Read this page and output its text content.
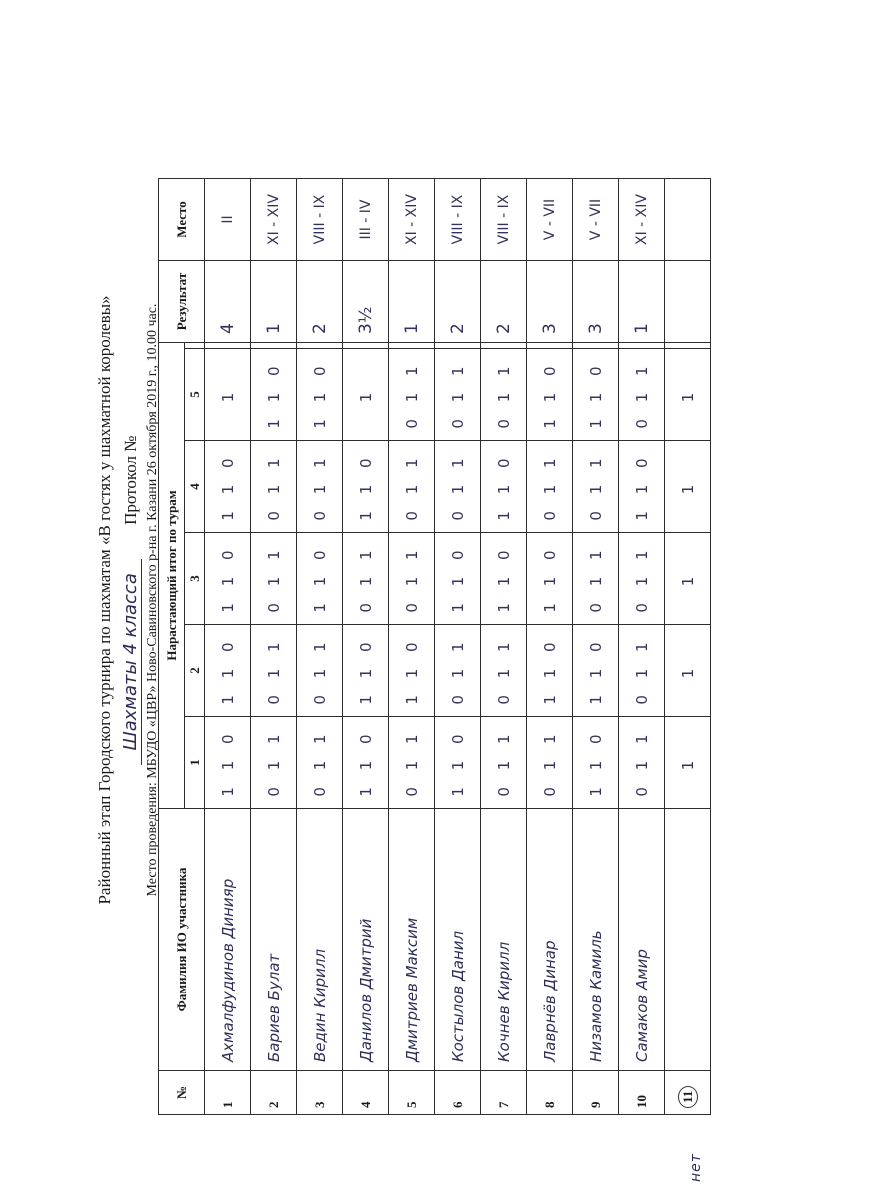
Районный этап Городского турнира по шахматам «В гостях у шахматной королевы» Шахматы 4 класса Протокол № Место проведения: МБУДО «ЦВР» Ново-Савиновского р-на г. Казани 26 октября 2019 г., 10.00 час.
№	Фамилия ИО участника	Нарастающий итог по турам						Результат	Место
		1	2	3	4	5			
1	Ахмалфудинов Динияр	1 1 0	1 1 0	1 1 0	1 1 0	1		4	II
2	Бариев Булат	0 1 1	0 1 1	0 1 1	0 1 1	1 1 0		1	XI - XIV
3	Ведин Кирилл	0 1 1	0 1 1	1 1 0	0 1 1	1 1 0		2	VIII - IX
4	Данилов Дмитрий	1 1 0	1 1 0	0 1 1	1 1 0	1		3½	III - IV
5	Дмитриев Максим	0 1 1	1 1 0	0 1 1	0 1 1	0 1 1		1	XI - XIV
6	Костылов Данил	1 1 0	0 1 1	1 1 0	0 1 1	0 1 1		2	VIII - IX
7	Кочнев Кирилл	0 1 1	0 1 1	1 1 0	1 1 0	0 1 1		2	VIII - IX
8	Лаврнёв Динар	0 1 1	1 1 0	1 1 0	0 1 1	1 1 0		3	V - VII
9	Низамов Камиль	1 1 0	1 1 0	0 1 1	0 1 1	1 1 0		3	V - VII
10	Самаков Амир	0 1 1	0 1 1	0 1 1	1 1 0	0 1 1		1	XI - XIV
11		1	1	1	1	1			
нет
